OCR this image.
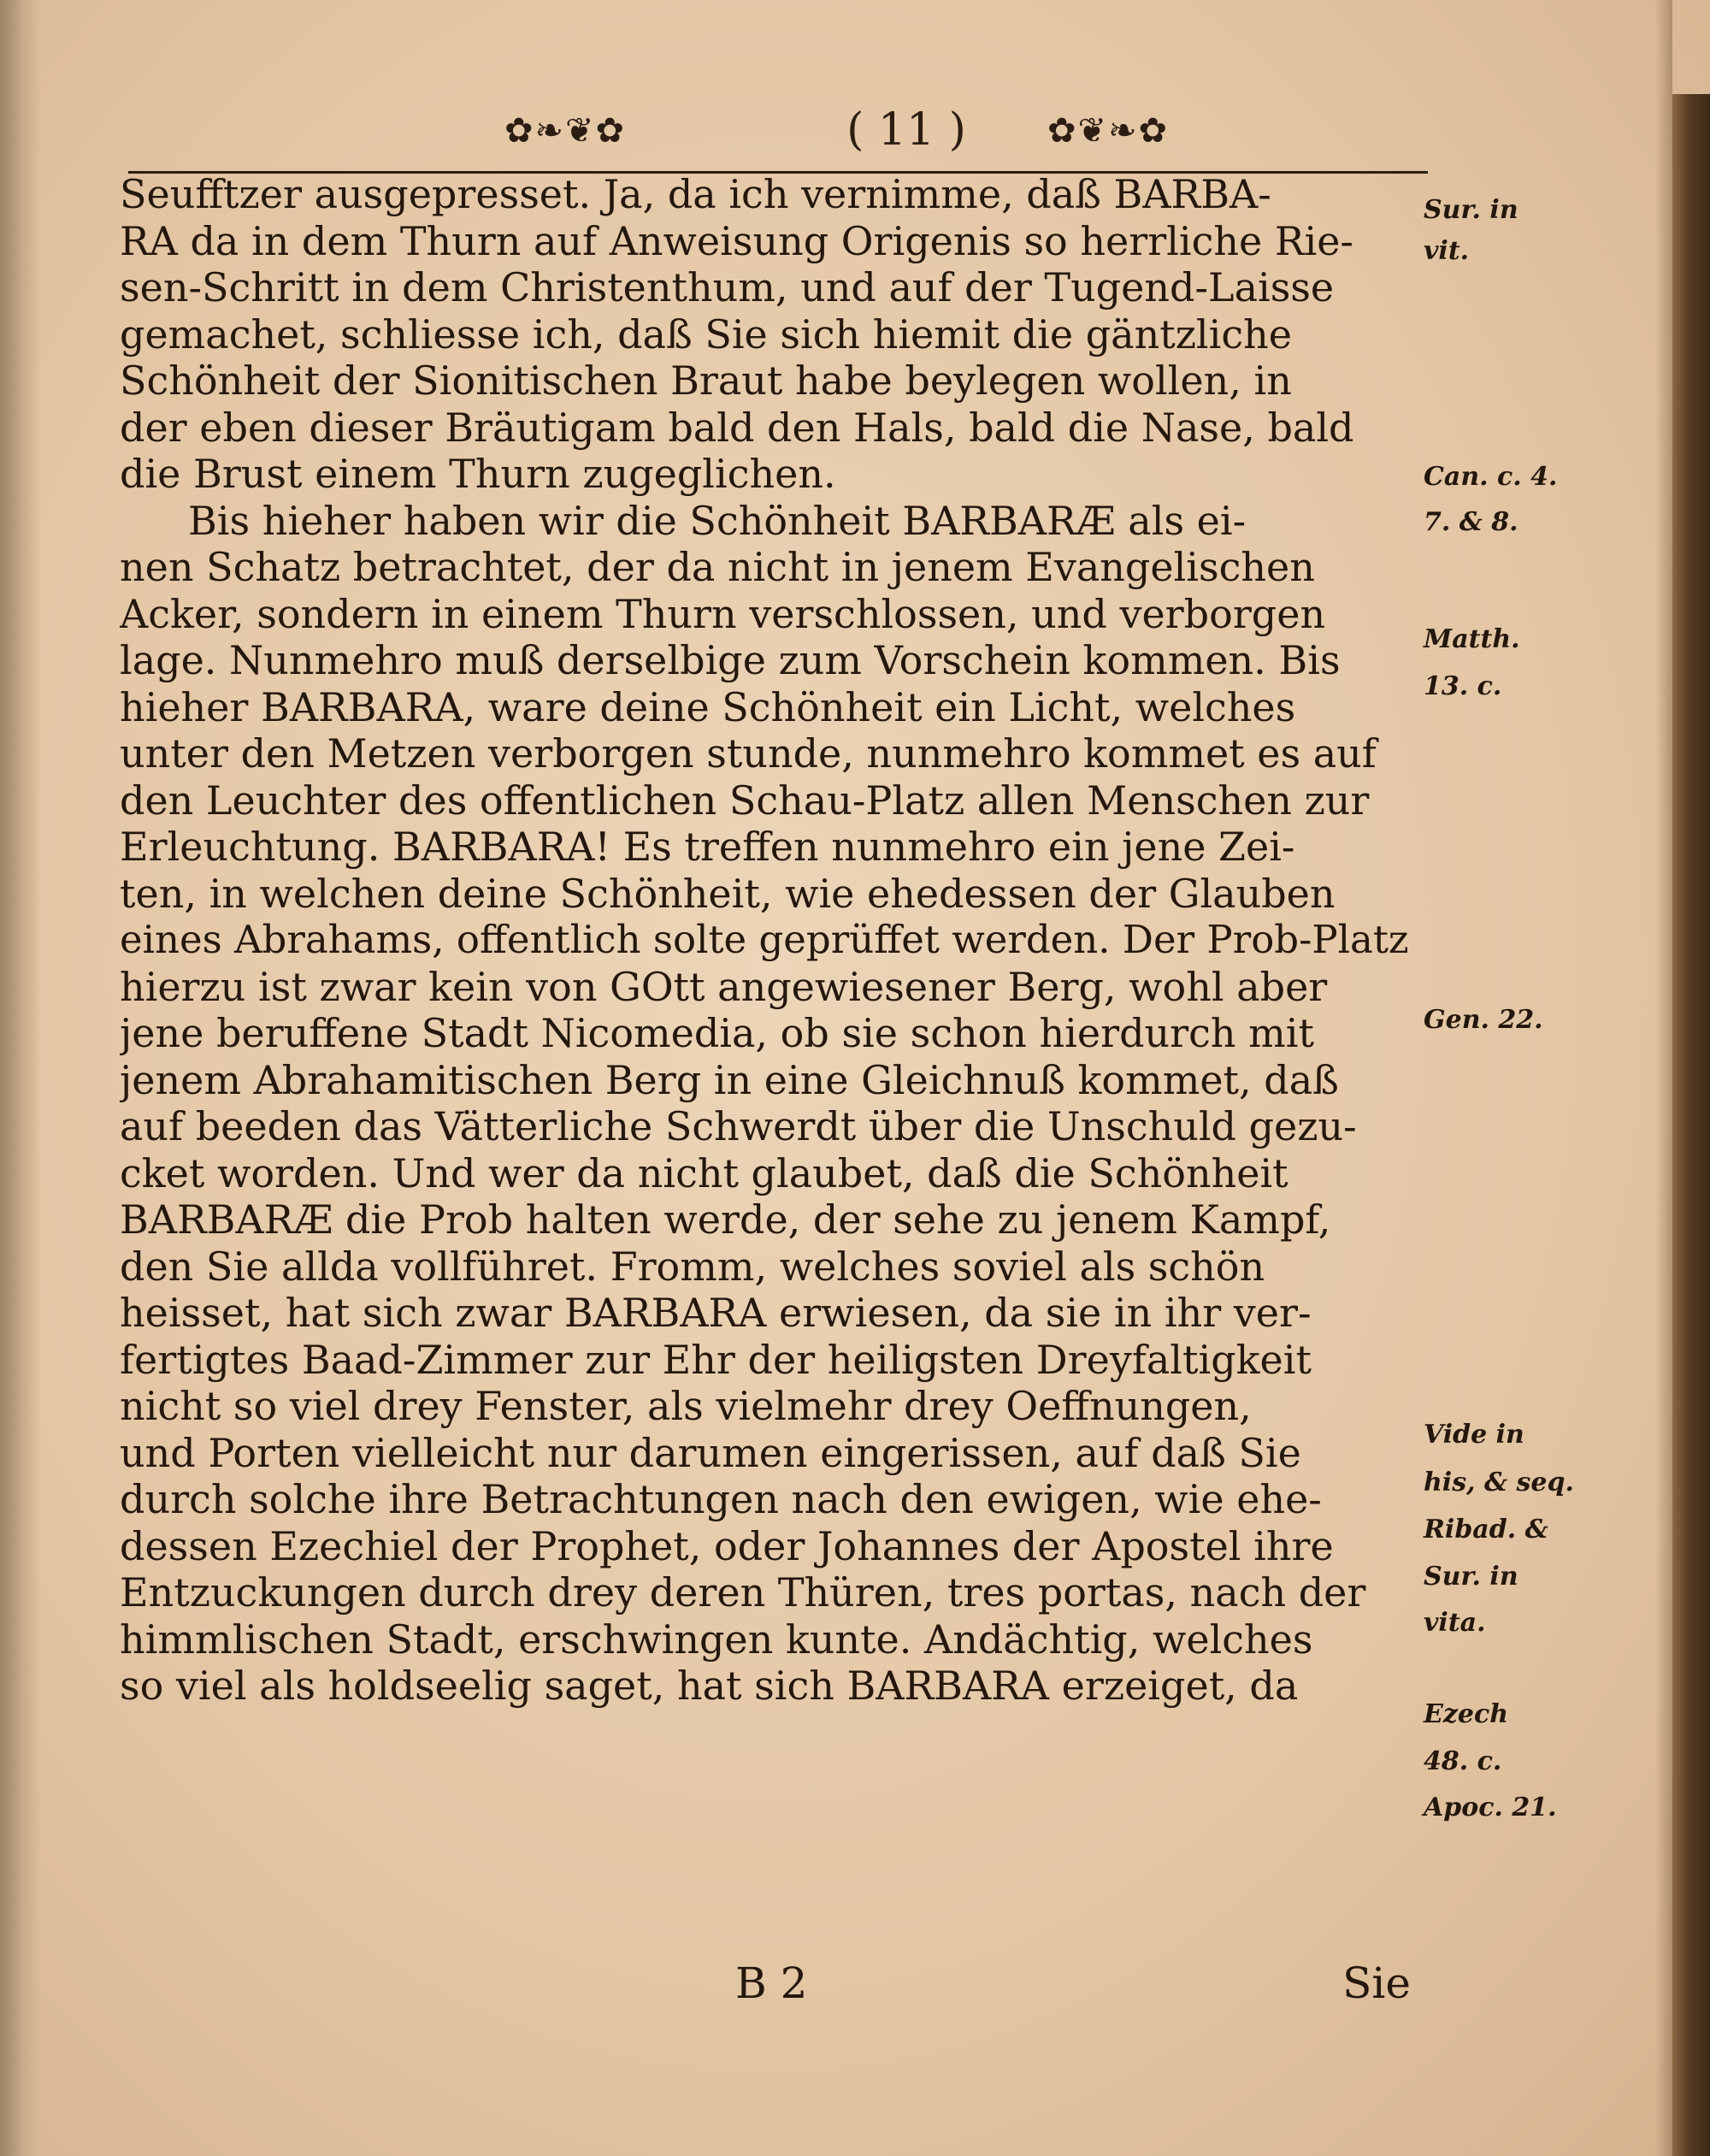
✿❧❦✿	( 11 )	✿❦❧✿
Seufftzer ausgepresset. Ja, da ich vernimme, daß BARBA-
RA da in dem Thurn auf Anweisung Origenis so herrliche Rie-
sen-Schritt in dem Christenthum, und auf der Tugend-Laisse
gemachet, schliesse ich, daß Sie sich hiemit die gäntzliche
Schönheit der Sionitischen Braut habe beylegen wollen, in
der eben dieser Bräutigam bald den Hals, bald die Nase, bald
die Brust einem Thurn zugeglichen.
Bis hieher haben wir die Schönheit BARBARÆ als ei-
nen Schatz betrachtet, der da nicht in jenem Evangelischen
Acker, sondern in einem Thurn verschlossen, und verborgen
lage. Nunmehro muß derselbige zum Vorschein kommen. Bis
hieher BARBARA, ware deine Schönheit ein Licht, welches
unter den Metzen verborgen stunde, nunmehro kommet es auf
den Leuchter des offentlichen Schau-Platz allen Menschen zur
Erleuchtung. BARBARA! Es treffen nunmehro ein jene Zei-
ten, in welchen deine Schönheit, wie ehedessen der Glauben
eines Abrahams, offentlich solte geprüffet werden. Der Prob-Platz
hierzu ist zwar kein von GOtt angewiesener Berg, wohl aber
jene beruffene Stadt Nicomedia, ob sie schon hierdurch mit
jenem Abrahamitischen Berg in eine Gleichnuß kommet, daß
auf beeden das Vätterliche Schwerdt über die Unschuld gezu-
cket worden. Und wer da nicht glaubet, daß die Schönheit
BARBARÆ die Prob halten werde, der sehe zu jenem Kampf,
den Sie allda vollführet. Fromm, welches soviel als schön
heisset, hat sich zwar BARBARA erwiesen, da sie in ihr ver-
fertigtes Baad-Zimmer zur Ehr der heiligsten Dreyfaltigkeit
nicht so viel drey Fenster, als vielmehr drey Oeffnungen,
und Porten vielleicht nur darumen eingerissen, auf daß Sie
durch solche ihre Betrachtungen nach den ewigen, wie ehe-
dessen Ezechiel der Prophet, oder Johannes der Apostel ihre
Entzuckungen durch drey deren Thüren, tres portas, nach der
himmlischen Stadt, erschwingen kunte. Andächtig, welches
so viel als holdseelig saget, hat sich BARBARA erzeiget, da
Sur. in
vit.
Can. c. 4.
7. & 8.
Matth.
13. c.
Gen. 22.
Vide in
his, & seq.
Ribad. &
Sur. in
vita.
Ezech
48. c.
Apoc. 21.
B 2	Sie
